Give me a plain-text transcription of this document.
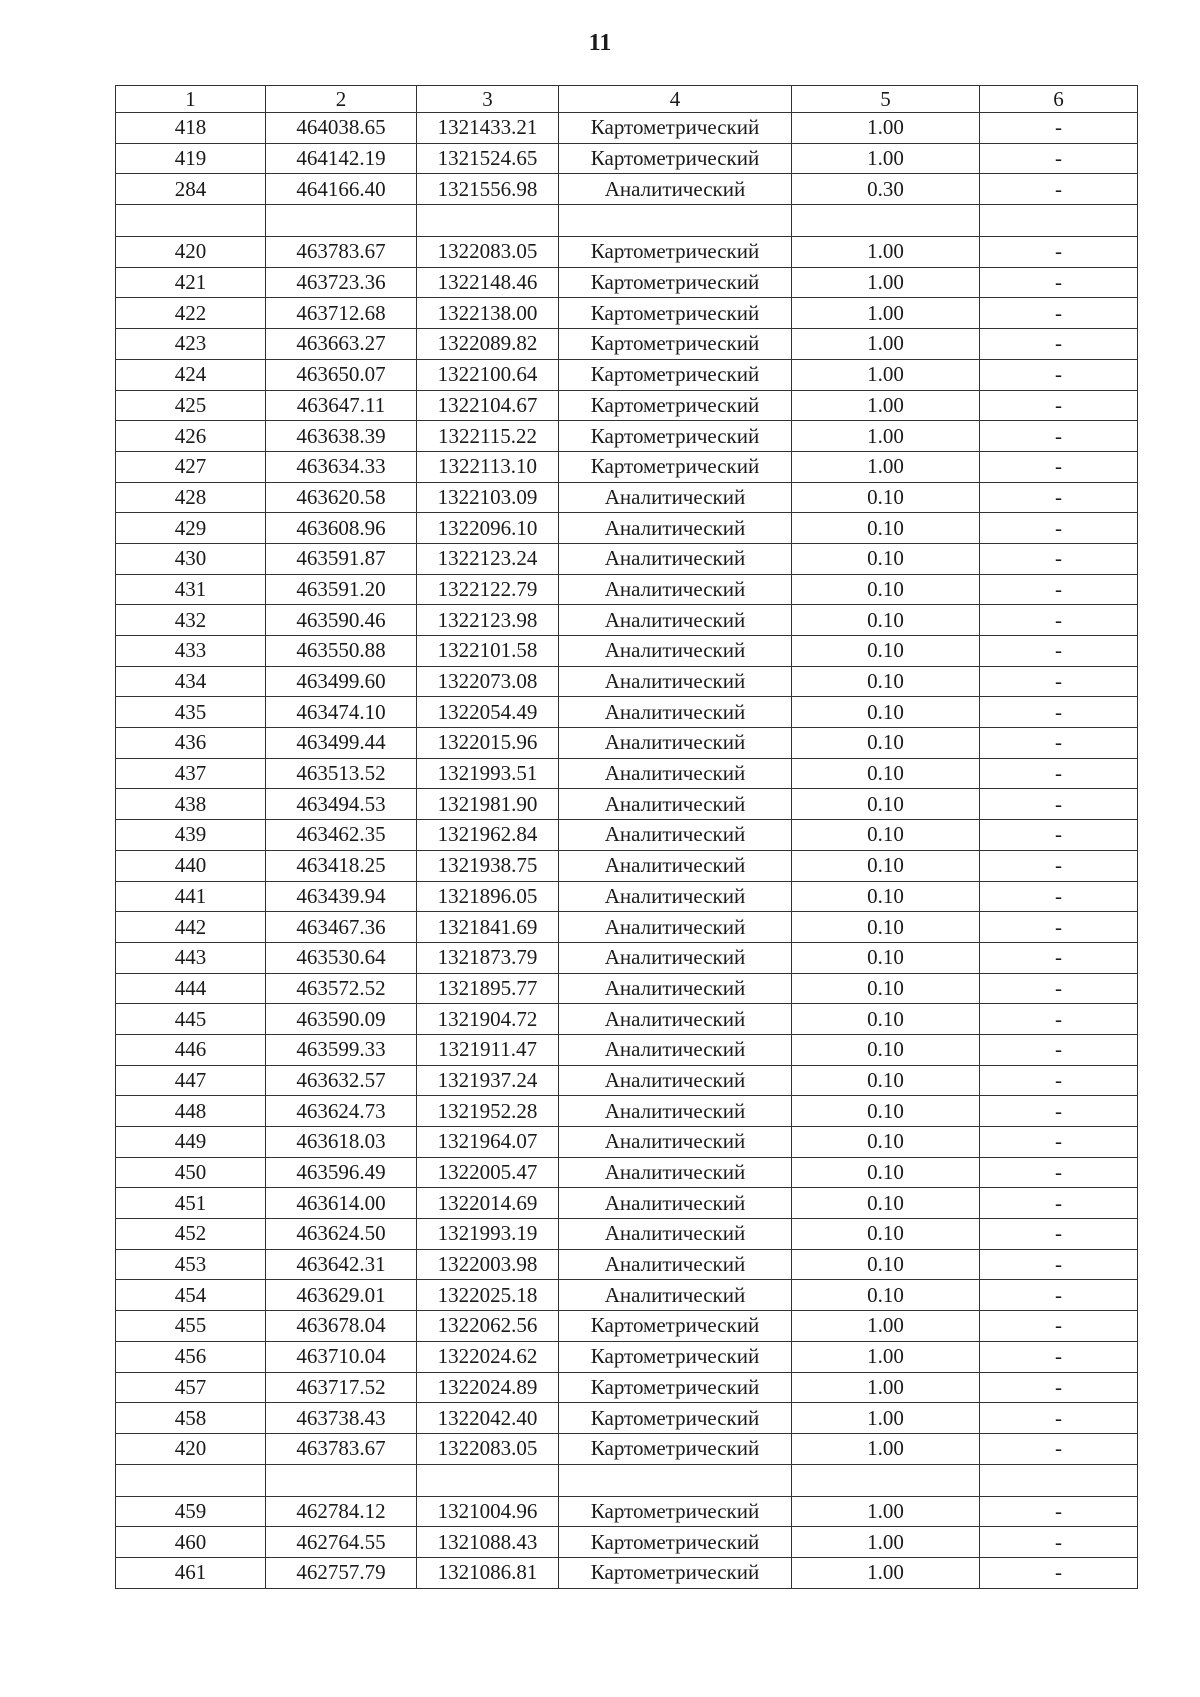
11
1	2	3	4	5	6
418	464038.65	1321433.21	Картометрический	1.00	-
419	464142.19	1321524.65	Картометрический	1.00	-
284	464166.40	1321556.98	Аналитический	0.30	-

420	463783.67	1322083.05	Картометрический	1.00	-
421	463723.36	1322148.46	Картометрический	1.00	-
422	463712.68	1322138.00	Картометрический	1.00	-
423	463663.27	1322089.82	Картометрический	1.00	-
424	463650.07	1322100.64	Картометрический	1.00	-
425	463647.11	1322104.67	Картометрический	1.00	-
426	463638.39	1322115.22	Картометрический	1.00	-
427	463634.33	1322113.10	Картометрический	1.00	-
428	463620.58	1322103.09	Аналитический	0.10	-
429	463608.96	1322096.10	Аналитический	0.10	-
430	463591.87	1322123.24	Аналитический	0.10	-
431	463591.20	1322122.79	Аналитический	0.10	-
432	463590.46	1322123.98	Аналитический	0.10	-
433	463550.88	1322101.58	Аналитический	0.10	-
434	463499.60	1322073.08	Аналитический	0.10	-
435	463474.10	1322054.49	Аналитический	0.10	-
436	463499.44	1322015.96	Аналитический	0.10	-
437	463513.52	1321993.51	Аналитический	0.10	-
438	463494.53	1321981.90	Аналитический	0.10	-
439	463462.35	1321962.84	Аналитический	0.10	-
440	463418.25	1321938.75	Аналитический	0.10	-
441	463439.94	1321896.05	Аналитический	0.10	-
442	463467.36	1321841.69	Аналитический	0.10	-
443	463530.64	1321873.79	Аналитический	0.10	-
444	463572.52	1321895.77	Аналитический	0.10	-
445	463590.09	1321904.72	Аналитический	0.10	-
446	463599.33	1321911.47	Аналитический	0.10	-
447	463632.57	1321937.24	Аналитический	0.10	-
448	463624.73	1321952.28	Аналитический	0.10	-
449	463618.03	1321964.07	Аналитический	0.10	-
450	463596.49	1322005.47	Аналитический	0.10	-
451	463614.00	1322014.69	Аналитический	0.10	-
452	463624.50	1321993.19	Аналитический	0.10	-
453	463642.31	1322003.98	Аналитический	0.10	-
454	463629.01	1322025.18	Аналитический	0.10	-
455	463678.04	1322062.56	Картометрический	1.00	-
456	463710.04	1322024.62	Картометрический	1.00	-
457	463717.52	1322024.89	Картометрический	1.00	-
458	463738.43	1322042.40	Картометрический	1.00	-
420	463783.67	1322083.05	Картометрический	1.00	-

459	462784.12	1321004.96	Картометрический	1.00	-
460	462764.55	1321088.43	Картометрический	1.00	-
461	462757.79	1321086.81	Картометрический	1.00	-
